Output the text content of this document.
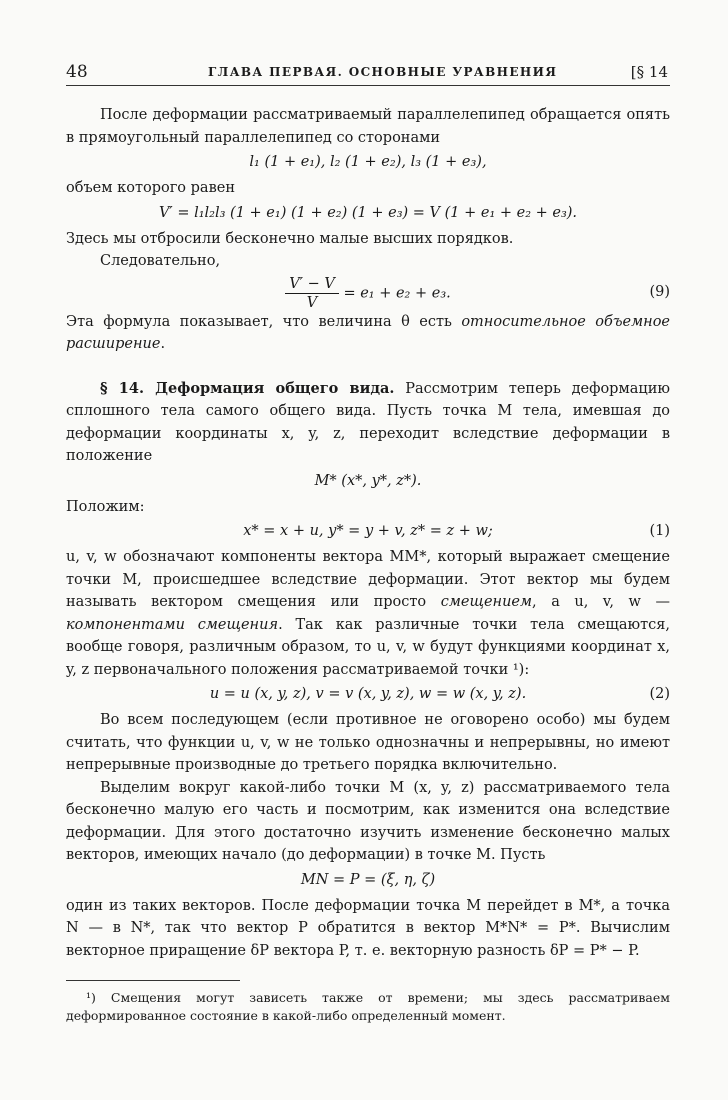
48	ГЛАВА ПЕРВАЯ. ОСНОВНЫЕ УРАВНЕНИЯ	[§ 14

После деформации рассматриваемый параллелепипед обращается опять в прямоугольный параллелепипед со сторонами

l₁ (1 + e₁), l₂ (1 + e₂), l₃ (1 + e₃),

объем которого равен

V′ = l₁l₂l₃ (1 + e₁) (1 + e₂) (1 + e₃) = V (1 + e₁ + e₂ + e₃).

Здесь мы отбросили бесконечно малые высших порядков.

Следовательно,

$\frac{V' - V}{V} = e_1 + e_2 + e_3$.	(9)

Эта формула показывает, что величина θ есть относительное объемное расширение.

§ 14. Деформация общего вида. Рассмотрим теперь деформацию сплошного тела самого общего вида. Пусть точка M тела, имевшая до деформации координаты x, y, z, переходит вследствие деформации в положение

M* (x*, y*, z*).

Положим:

x* = x + u, y* = y + v, z* = z + w;	(1)

u, v, w обозначают компоненты вектора MM*, который выражает смещение точки M, происшедшее вследствие деформации. Этот вектор мы будем называть вектором смещения или просто смещением, а u, v, w — компонентами смещения. Так как различные точки тела смещаются, вообще говоря, различным образом, то u, v, w будут функциями координат x, y, z первоначального положения рассматриваемой точки ¹):

u = u (x, y, z), v = v (x, y, z), w = w (x, y, z).	(2)

Во всем последующем (если противное не оговорено особо) мы будем считать, что функции u, v, w не только однозначны и непрерывны, но имеют непрерывные производные до третьего порядка включительно.

Выделим вокруг какой-либо точки M (x, y, z) рассматриваемого тела бесконечно малую его часть и посмотрим, как изменится она вследствие деформации. Для этого достаточно изучить изменение бесконечно малых векторов, имеющих начало (до деформации) в точке M. Пусть

MN = P = (ξ, η, ζ)

один из таких векторов. После деформации точка M перейдет в M*, а точка N — в N*, так что вектор P обратится в вектор M*N* = P*. Вычислим векторное приращение δP вектора P, т. е. векторную разность δP = P* − P.

¹) Смещения могут зависеть также от времени; мы здесь рассматриваем деформированное состояние в какой-либо определенный момент.
